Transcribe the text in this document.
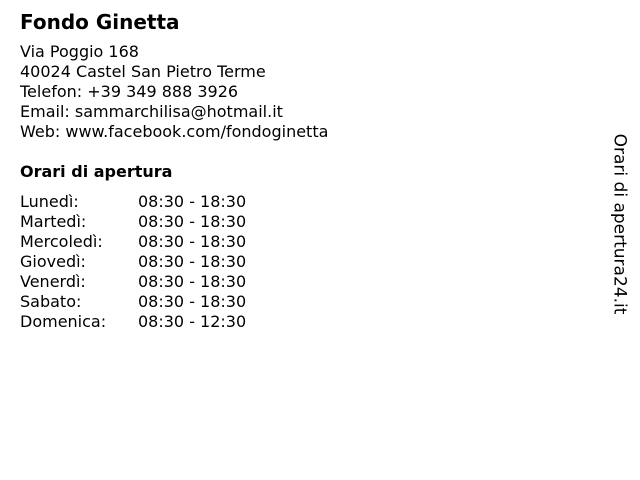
Fondo Ginetta
Via Poggio 168
40024 Castel San Pietro Terme
Telefon: +39 349 888 3926
Email: sammarchilisa@hotmail.it
Web: www.facebook.com/fondoginetta
Orari di apertura
Lunedì:	08:30 - 18:30
Martedì:	08:30 - 18:30
Mercoledì:	08:30 - 18:30
Giovedì:	08:30 - 18:30
Venerdì:	08:30 - 18:30
Sabato:	08:30 - 18:30
Domenica:	08:30 - 12:30
Orari di apertura24.it
